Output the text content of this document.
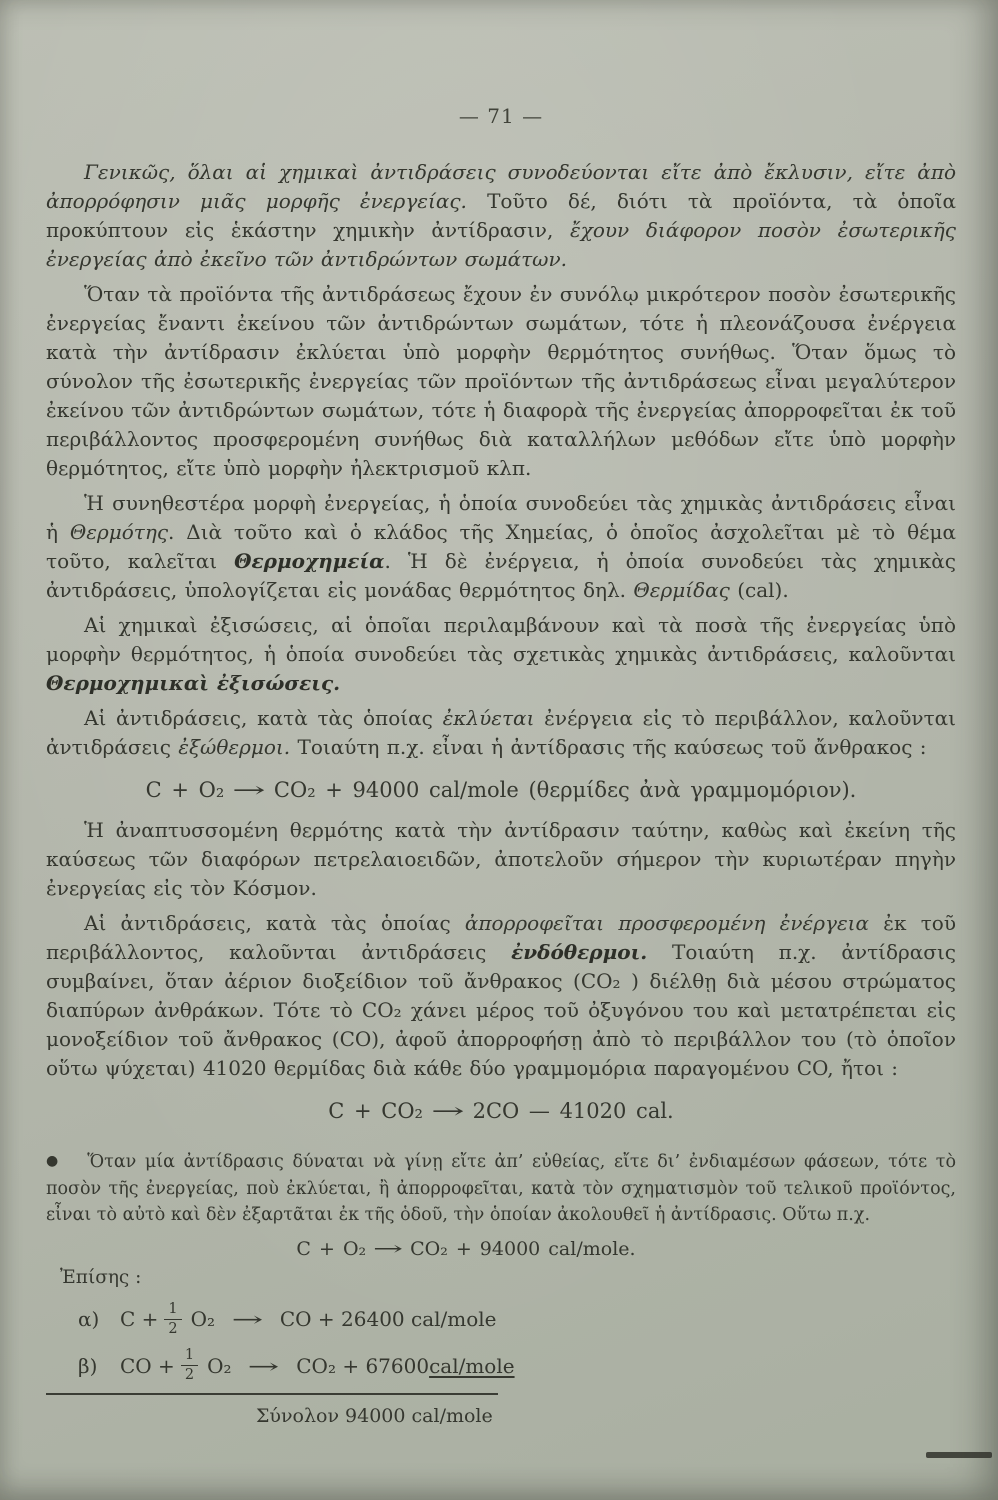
— 71 —

Γενικῶς, ὅλαι αἱ χημικαὶ ἀντιδράσεις συνοδεύονται εἴτε ἀπὸ ἔκλυσιν, εἴτε ἀπὸ ἀπορρόφησιν μιᾶς μορφῆς ἐνεργείας. Τοῦτο δέ, διότι τὰ προϊόντα, τὰ ὁποῖα προκύπτουν εἰς ἑκάστην χημικὴν ἀντίδρασιν, ἔχουν διάφορον ποσὸν ἐσωτερικῆς ἐνεργείας ἀπὸ ἐκεῖνο τῶν ἀντιδρώντων σωμάτων.

Ὅταν τὰ προϊόντα τῆς ἀντιδράσεως ἔχουν ἐν συνόλῳ μικρότερον ποσὸν ἐσωτερικῆς ἐνεργείας ἔναντι ἐκείνου τῶν ἀντιδρώντων σωμάτων, τότε ἡ πλεονάζουσα ἐνέργεια κατὰ τὴν ἀντίδρασιν ἐκλύεται ὑπὸ μορφὴν θερμότητος συνήθως. Ὅταν ὅμως τὸ σύνολον τῆς ἐσωτερικῆς ἐνεργείας τῶν προϊόντων τῆς ἀντιδράσεως εἶναι μεγαλύτερον ἐκείνου τῶν ἀντιδρώντων σωμάτων, τότε ἡ διαφορὰ τῆς ἐνεργείας ἀπορροφεῖται ἐκ τοῦ περιβάλλοντος προσφερομένη συνήθως διὰ καταλλήλων μεθόδων εἴτε ὑπὸ μορφὴν θερμότητος, εἴτε ὑπὸ μορφὴν ἠλεκτρισμοῦ κλπ.

Ἡ συνηθεστέρα μορφὴ ἐνεργείας, ἡ ὁποία συνοδεύει τὰς χημικὰς ἀντιδράσεις εἶναι ἡ Θερμότης. Διὰ τοῦτο καὶ ὁ κλάδος τῆς Χημείας, ὁ ὁποῖος ἀσχολεῖται μὲ τὸ θέμα τοῦτο, καλεῖται Θερμοχημεία. Ἡ δὲ ἐνέργεια, ἡ ὁποία συνοδεύει τὰς χημικὰς ἀντιδράσεις, ὑπολογίζεται εἰς μονάδας θερμότητος δηλ. Θερμίδας (cal).

Αἱ χημικαὶ ἐξισώσεις, αἱ ὁποῖαι περιλαμβάνουν καὶ τὰ ποσὰ τῆς ἐνεργείας ὑπὸ μορφὴν θερμότητος, ἡ ὁποία συνοδεύει τὰς σχετικὰς χημικὰς ἀντιδράσεις, καλοῦνται Θερμοχημικαὶ ἐξισώσεις.

Αἱ ἀντιδράσεις, κατὰ τὰς ὁποίας ἐκλύεται ἐνέργεια εἰς τὸ περιβάλλον, καλοῦνται ἀντιδράσεις ἐξώθερμοι. Τοιαύτη π.χ. εἶναι ἡ ἀντίδρασις τῆς καύσεως τοῦ ἄνθρακος :

C + O₂ → CO₂ + 94000 cal/mole (θερμίδες ἀνὰ γραμμομόριον).

Ἡ ἀναπτυσσομένη θερμότης κατὰ τὴν ἀντίδρασιν ταύτην, καθὼς καὶ ἐκείνη τῆς καύσεως τῶν διαφόρων πετρελαιοειδῶν, ἀποτελοῦν σήμερον τὴν κυριωτέραν πηγὴν ἐνεργείας εἰς τὸν Κόσμον.

Αἱ ἀντιδράσεις, κατὰ τὰς ὁποίας ἀπορροφεῖται προσφερομένη ἐνέργεια ἐκ τοῦ περιβάλλοντος, καλοῦνται ἀντιδράσεις ἐνδόθερμοι. Τοιαύτη π.χ. ἀντίδρασις συμβαίνει, ὅταν ἀέριον διοξείδιον τοῦ ἄνθρακος (CO₂ ) διέλθῃ διὰ μέσου στρώματος διαπύρων ἀνθράκων. Τότε τὸ CO₂ χάνει μέρος τοῦ ὀξυγόνου του καὶ μετατρέπεται εἰς μονοξείδιον τοῦ ἄνθρακος (CO), ἀφοῦ ἀπορροφήσῃ ἀπὸ τὸ περιβάλλον του (τὸ ὁποῖον οὕτω ψύχεται) 41020 θερμίδας διὰ κάθε δύο γραμμομόρια παραγομένου CO, ἤτοι :

C + CO₂ → 2CO — 41020 cal.

● Ὅταν μία ἀντίδρασις δύναται νὰ γίνῃ εἴτε ἀπ’ εὐθείας, εἴτε δι’ ἐνδιαμέσων φάσεων, τότε τὸ ποσὸν τῆς ἐνεργείας, ποὺ ἐκλύεται, ἢ ἀπορροφεῖται, κατὰ τὸν σχηματισμὸν τοῦ τελικοῦ προϊόντος, εἶναι τὸ αὐτὸ καὶ δὲν ἐξαρτᾶται ἐκ τῆς ὁδοῦ, τὴν ὁποίαν ἀκολουθεῖ ἡ ἀντίδρασις. Οὕτω π.χ.

C + O₂ → CO₂ + 94000 cal/mole.
Ἐπίσης :
α)	$C + \frac{1}{2} O_2$ → CO + 26400 cal/mole
β)	CO + $\frac{1}{2} O_2 \to CO_2 + 67600$ cal/mole
Σύνολον 94000 cal/mole
